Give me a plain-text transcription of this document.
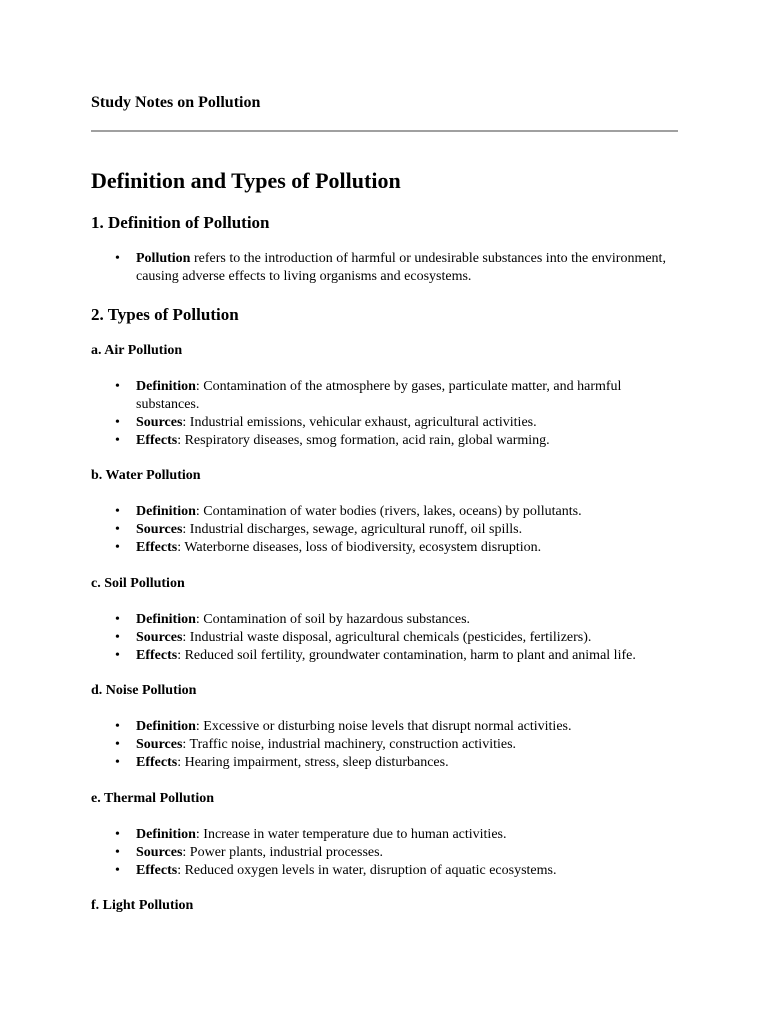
Study Notes on Pollution
Definition and Types of Pollution
1. Definition of Pollution
• Pollution refers to the introduction of harmful or undesirable substances into the environment, causing adverse effects to living organisms and ecosystems.
2. Types of Pollution
a. Air Pollution
• Definition: Contamination of the atmosphere by gases, particulate matter, and harmful substances.
• Sources: Industrial emissions, vehicular exhaust, agricultural activities.
• Effects: Respiratory diseases, smog formation, acid rain, global warming.
b. Water Pollution
• Definition: Contamination of water bodies (rivers, lakes, oceans) by pollutants.
• Sources: Industrial discharges, sewage, agricultural runoff, oil spills.
• Effects: Waterborne diseases, loss of biodiversity, ecosystem disruption.
c. Soil Pollution
• Definition: Contamination of soil by hazardous substances.
• Sources: Industrial waste disposal, agricultural chemicals (pesticides, fertilizers).
• Effects: Reduced soil fertility, groundwater contamination, harm to plant and animal life.
d. Noise Pollution
• Definition: Excessive or disturbing noise levels that disrupt normal activities.
• Sources: Traffic noise, industrial machinery, construction activities.
• Effects: Hearing impairment, stress, sleep disturbances.
e. Thermal Pollution
• Definition: Increase in water temperature due to human activities.
• Sources: Power plants, industrial processes.
• Effects: Reduced oxygen levels in water, disruption of aquatic ecosystems.
f. Light Pollution
